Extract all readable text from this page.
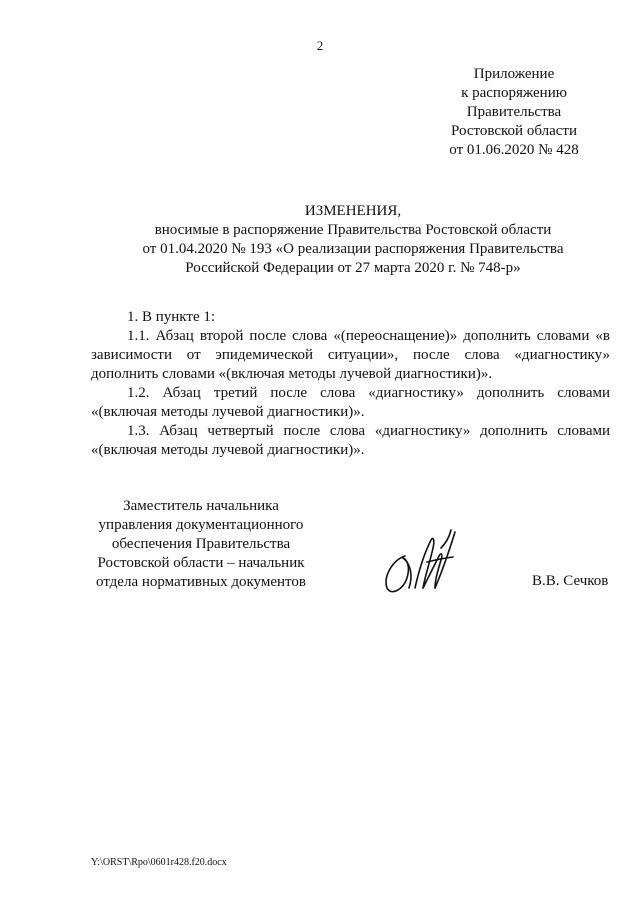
2
Приложение
к распоряжению
Правительства
Ростовской области
от 01.06.2020 № 428
ИЗМЕНЕНИЯ,
вносимые в распоряжение Правительства Ростовской области
от 01.04.2020 № 193 «О реализации распоряжения Правительства
Российской Федерации от 27 марта 2020 г. № 748-р»

1. В пункте 1:

1.1. Абзац второй после слова «(переоснащение)» дополнить словами «в зависимости от эпидемической ситуации», после слова «диагностику» дополнить словами «(включая методы лучевой диагностики)».

1.2. Абзац третий после слова «диагностику» дополнить словами «(включая методы лучевой диагностики)».

1.3. Абзац четвертый после слова «диагностику» дополнить словами «(включая методы лучевой диагностики)».

Заместитель начальника
управления документационного
обеспечения Правительства
Ростовской области – начальник
отдела нормативных документов	В.В. Сечков
Y:\ORST\Rpo\0601r428.f20.docx
